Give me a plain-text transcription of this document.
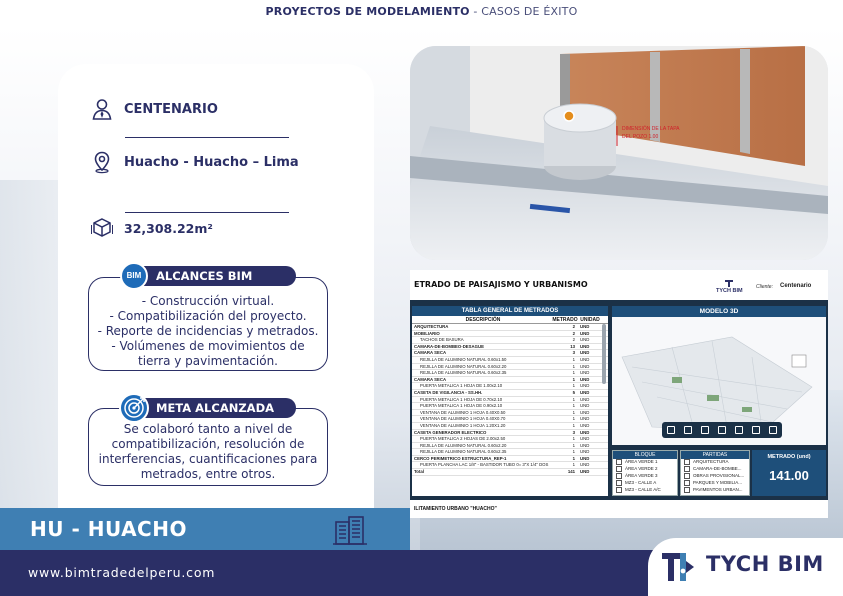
PROYECTOS DE MODELAMIENTO - CASOS DE ÉXITO
CENTENARIO
Huacho - Huacho – Lima
32,308.22m²
- Construcción virtual.
- Compatibilización del proyecto.
- Reporte de incidencias y metrados.
- Volúmenes de movimientos de
tierra y pavimentación.
ALCANCES BIM
BIM
Se colaboró tanto a nivel de
compatibilización, resolución de
interferencias, cuantificaciones para
metrados, entre otros.
META ALCANZADA
HU - HUACHO
DIMENSIÓN DE LA TAPA
DEL POZO 1.00
ETRADO DE PAISAJISMO Y URBANISMO
TYCH BIM
Cliente: Centenario
TABLA GENERAL DE METRADOS
DESCRIPCIÓN	METRADO UNIDAD
ARQUITECTURA	2	UND
MOBILIARIO	2	UND
TACHOS DE BASURA	2	UND
CAMARA-DE-BOMBEO-DESAGUE	13	UND
CAMARA SECA	3	UND
REJILLA DE ALUMINIO NATURAL 0.60x1.50	1	UND
REJILLA DE ALUMINIO NATURAL 0.60x2.20	1	UND
REJILLA DE ALUMINIO NATURAL 0.60x2.35	1	UND
CAMARA SECA	1	UND
PUERTA METALICA 1 HOJA DE 1.00x2.10	1	UND
CASETA DE VIGILANCIA - SS.HH.	5	UND
PUERTA METALICA 1 HOJA DE 0.70x2.10	1	UND
PUERTA METALICA 1 HOJA DE 0.90x2.10	1	UND
VENTANA DE ALUMINIO 1 HOJA 0.40X0.50	1	UND
VENTANA DE ALUMINIO 1 HOJA 0.40X0.70	1	UND
VENTANA DE ALUMINIO 1 HOJA 1.20X1.20	1	UND
CASETA GENERADOR ELECTRICO	3	UND
PUERTA METALICA 2 HOJAS DE 2.00x2.50	1	UND
REJILLA DE ALUMINIO NATURAL 0.60x2.20	1	UND
REJILLA DE ALUMINIO NATURAL 0.60x2.35	1	UND
CERCO PERIMETRICO ESTRUCTURA_REP-1	1	UND
PUERTA PLANCHA LAC 1/8" - BASTIDOR TUBO 0= 3"X 1/4" DOS	1	UND
Total	141	UND
MODELO 3D
BLOQUE
ÁREA VERDE 1
ÁREA VERDE 2
ÁREA VERDE 3
MZ3 - CALLE A
MZ3 - CALLE A/C
PARTIDAS
ARQUITECTURA
CAMARA-DE-BOMBE...
OBRAS PROVISIONAL...
PARQUES Y MOBILIA...
PAVIMENTOS URBAN...
METRADO (und)
141.00
ILITAMIENTO URBANO "HUACHO"
www.bimtradedelperu.com	TYCH BIM
